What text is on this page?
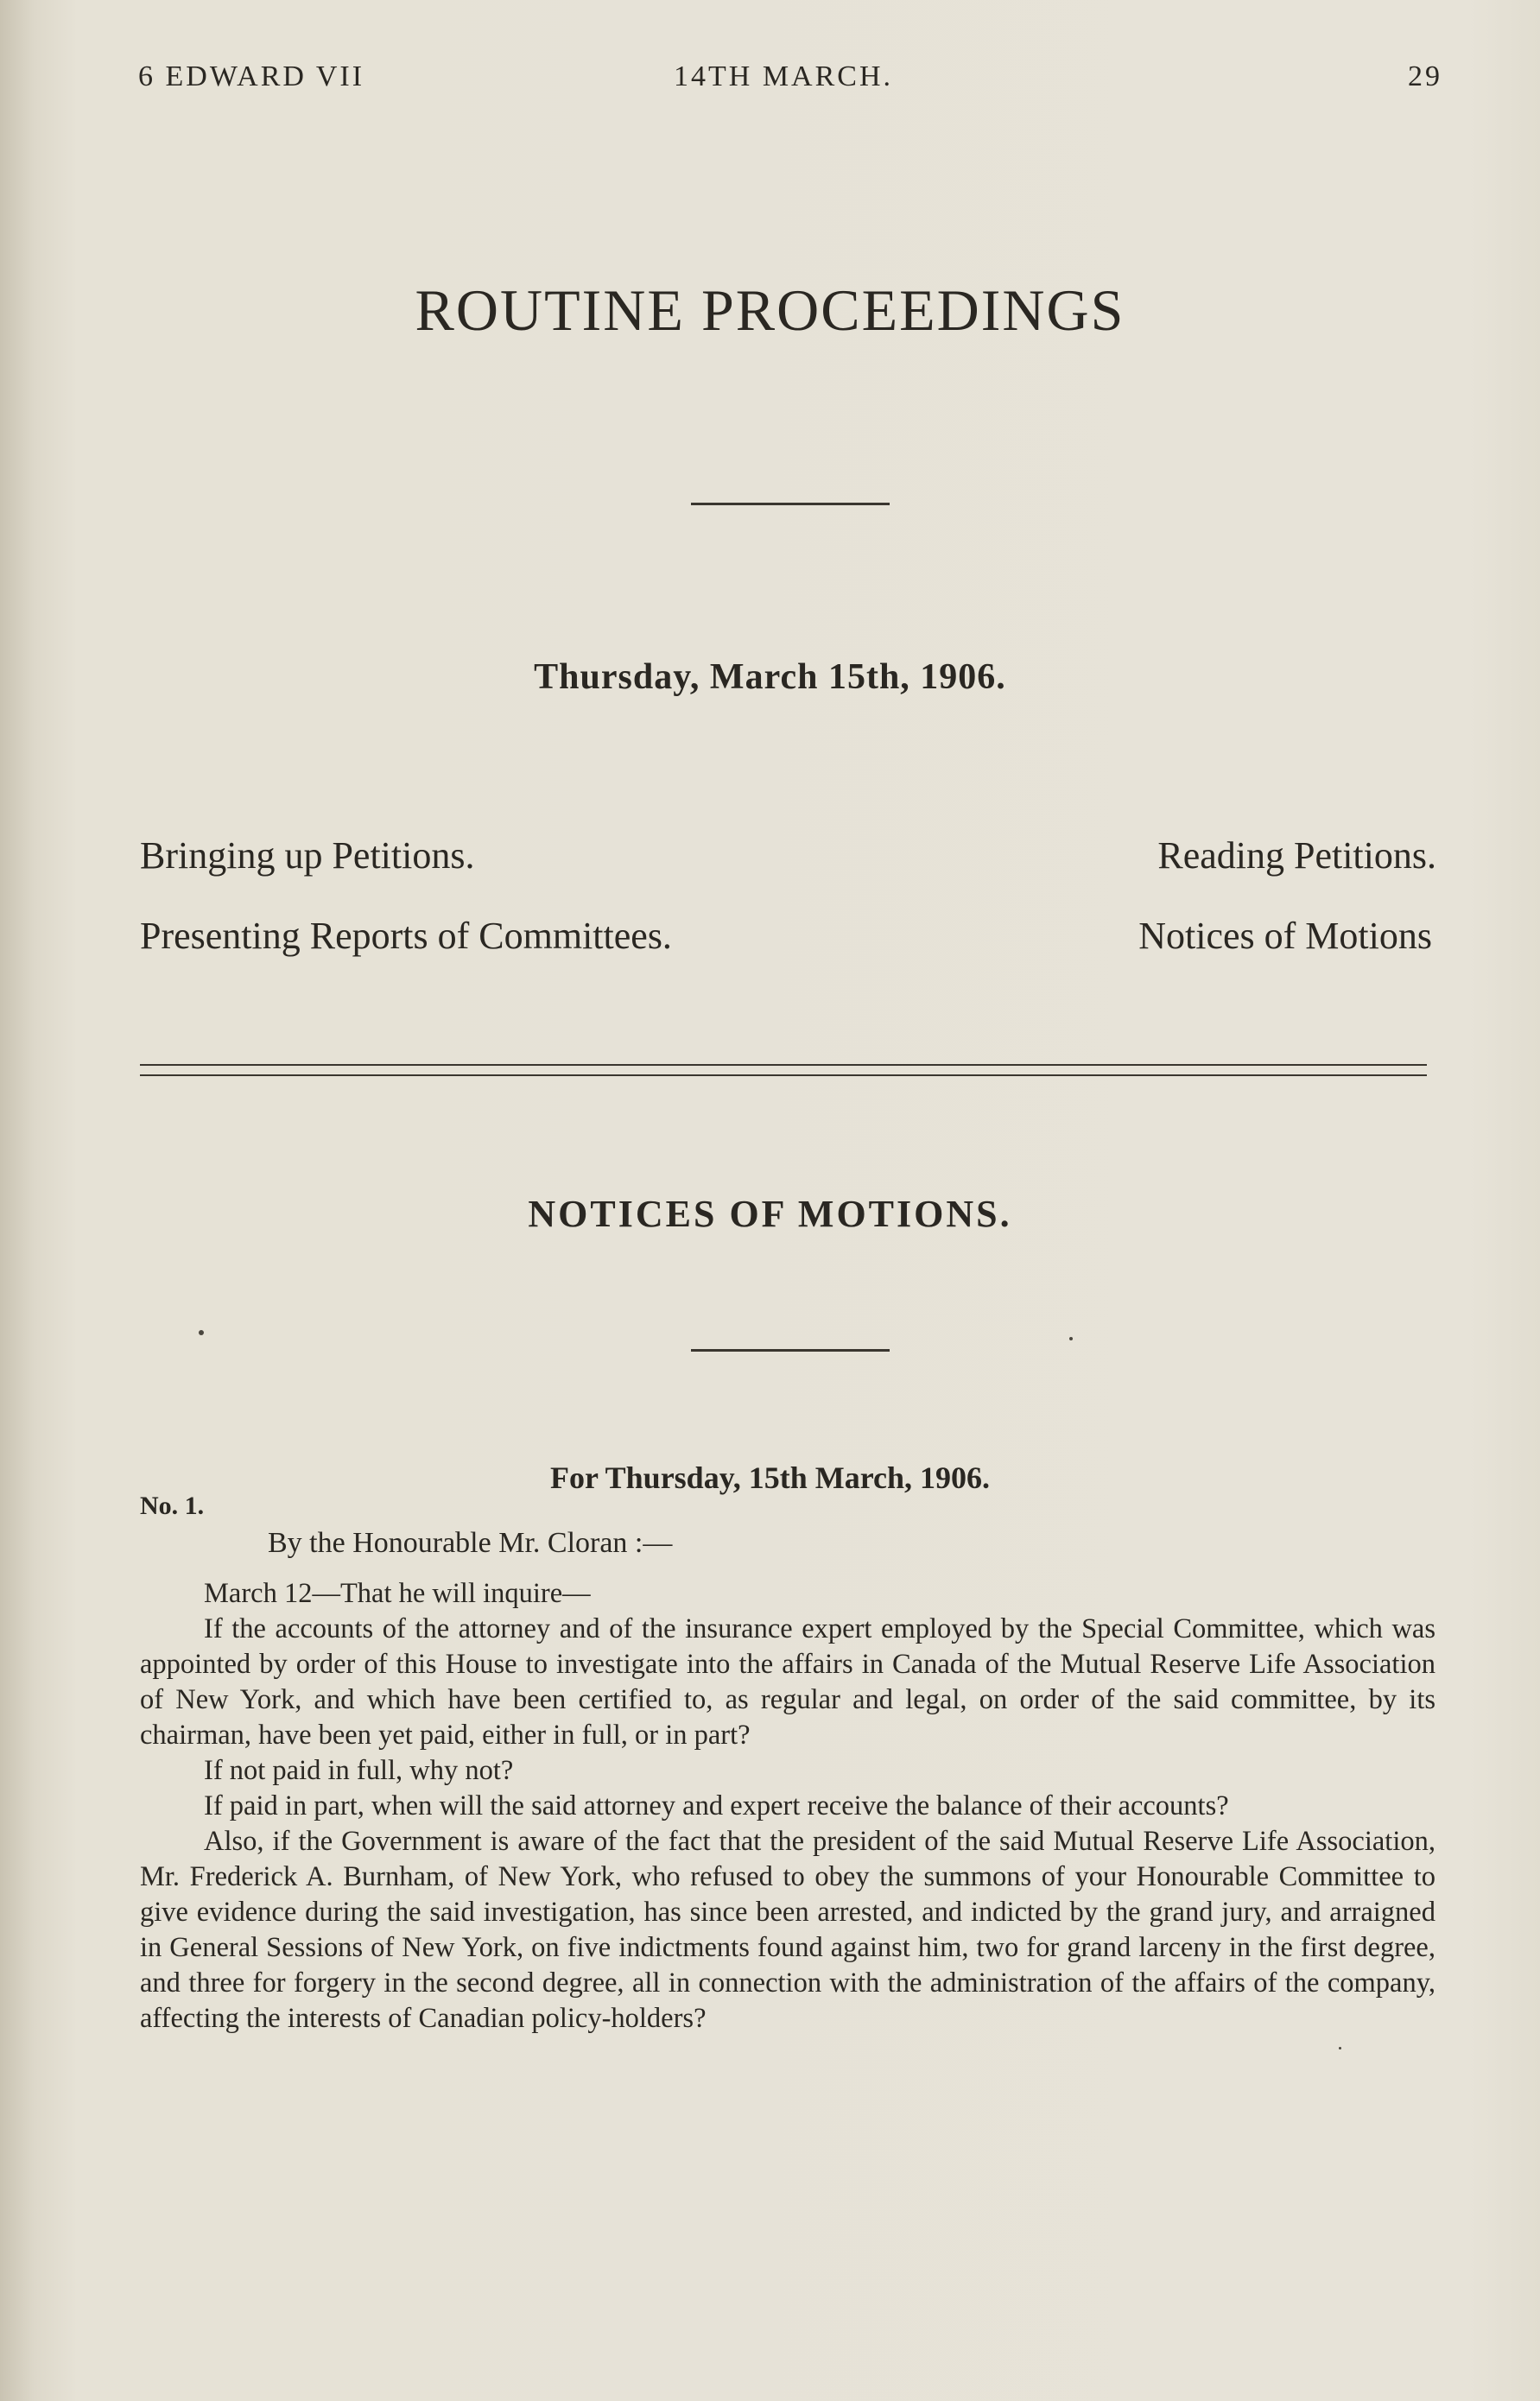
6 EDWARD VII	14TH MARCH.	29
ROUTINE PROCEEDINGS
Thursday, March 15th, 1906.
Bringing up Petitions.	Reading Petitions.
Presenting Reports of Committees.	Notices of Motions
NOTICES OF MOTIONS.
For Thursday, 15th March, 1906.
No. 1.
By the Honourable Mr. Cloran :—

March 12—That he will inquire—

If the accounts of the attorney and of the insurance expert employed by the Special Committee, which was appointed by order of this House to investigate into the affairs in Canada of the Mutual Reserve Life Association of New York, and which have been certified to, as regular and legal, on order of the said committee, by its chairman, have been yet paid, either in full, or in part?

If not paid in full, why not?

If paid in part, when will the said attorney and expert receive the balance of their accounts?

Also, if the Government is aware of the fact that the president of the said Mutual Reserve Life Association, Mr. Frederick A. Burnham, of New York, who refused to obey the summons of your Honourable Committee to give evidence during the said investigation, has since been arrested, and indicted by the grand jury, and arraigned in General Sessions of New York, on five indictments found against him, two for grand larceny in the first degree, and three for forgery in the second degree, all in connection with the administration of the affairs of the company, affecting the interests of Canadian policy-holders?
